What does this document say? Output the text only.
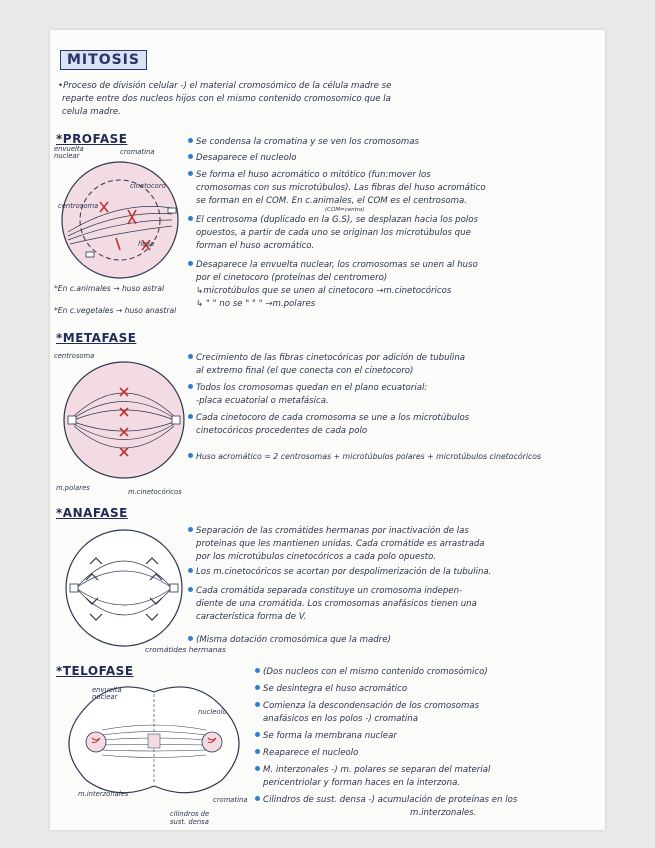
MITOSIS
•Proceso de división celular -) el material cromosómico de la célula madre se
reparte entre dos nucleos hijos con el mismo contenido cromosomico que la
celula madre.
*PROFASE
envuelta
nuclear	cromatina
cinetocoro
centrosoma
huso
Se condensa la cromatina y se ven los cromosomas
Desaparece el nucleolo
Se forma el huso acromático o mitótico (fun:mover los
cromosomas con sus microtúbulos). Las fibras del huso acromático
se forman en el COM. En c.animales, el COM es el centrosoma.
(COM=centro)
El centrosoma (duplicado en la G.S), se desplazan hacia los polos
opuestos, a partir de cada uno se originan los microtúbulos que
forman el huso acromático.
Desaparece la envuelta nuclear, los cromosomas se unen al huso
por el cinetocoro (proteínas del centromero)
↳microtúbulos que se unen al cinetocoro →m.cinetocóricos
↳ " " no se " " " →m.polares
*En c.animales → huso astral
*En c.vegetales → huso anastral
*METAFASE
centrosoma
m.polares	m.cinetocóricos
Crecimiento de las fibras cinetocóricas por adición de tubulina
al extremo final (el que conecta con el cinetocoro)
Todos los cromosomas quedan en el plano ecuatorial:
-placa ecuatorial o metafásica.
Cada cinetocoro de cada cromosoma se une a los microtúbulos
cinetocóricos procedentes de cada polo
Huso acromático = 2 centrosomas + microtúbulos polares + microtúbulos cinetocóricos
*ANAFASE
cromátides hermanas
Separación de las cromátides hermanas por inactivación de las
proteinas que les mantienen unidas. Cada cromátide es arrastrada
por los microtúbulos cinetocóricos a cada polo opuesto.
Los m.cinetocóricos se acortan por despolimerización de la tubulina.
Cada cromátida separada constituye un cromosoma indepen-
diente de una cromátida. Los cromosomas anafásicos tienen una
característica forma de V.
(Misma dotación cromosómica que la madre)
*TELOFASE
envuelta
nuclear
nucleolo
m.interzonales
cromatina
cilindros de
sust. densa
(Dos nucleos con el mismo contenido cromosómico)
Se desintegra el huso acromático
Comienza la descondensación de los cromosomas
anafásicos en los polos -) cromatina
Se forma la membrana nuclear
Reaparece el nucleolo
M. interzonales -) m. polares se separan del material
pericentriolar y forman haces en la interzona.
Cilindros de sust. densa -) acumulación de proteínas en los
m.interzonales.
